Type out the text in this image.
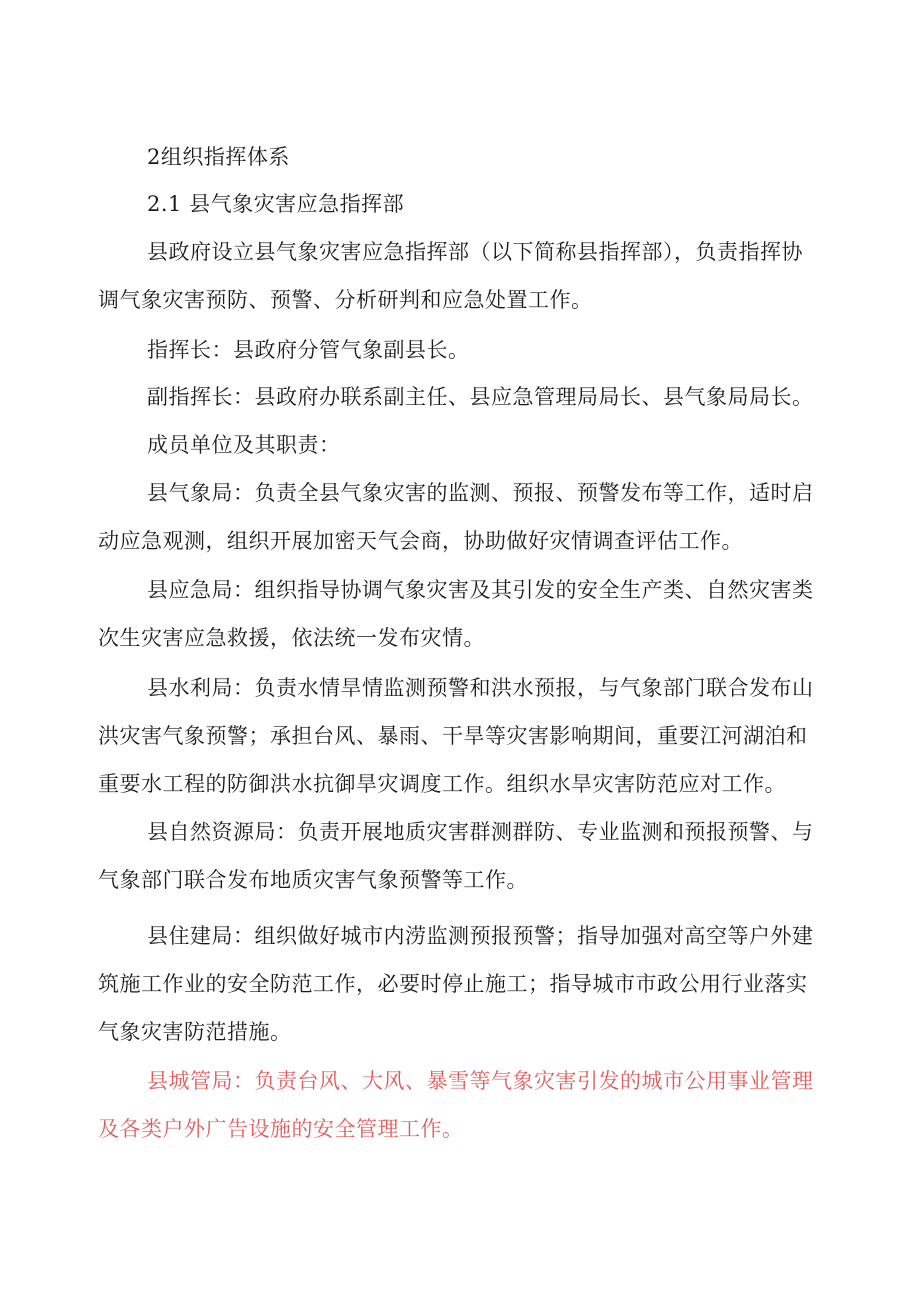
2组织指挥体系
2.1 县气象灾害应急指挥部
县政府设立县气象灾害应急指挥部（以下简称县指挥部），负责指挥协
调气象灾害预防、预警、分析研判和应急处置工作。
指挥长：县政府分管气象副县长。
副指挥长：县政府办联系副主任、县应急管理局局长、县气象局局长。
成员单位及其职责：
县气象局：负责全县气象灾害的监测、预报、预警发布等工作，适时启
动应急观测，组织开展加密天气会商，协助做好灾情调查评估工作。
县应急局：组织指导协调气象灾害及其引发的安全生产类、自然灾害类
次生灾害应急救援，依法统一发布灾情。
县水利局：负责水情旱情监测预警和洪水预报，与气象部门联合发布山
洪灾害气象预警；承担台风、暴雨、干旱等灾害影响期间，重要江河湖泊和
重要水工程的防御洪水抗御旱灾调度工作。组织水旱灾害防范应对工作。
县自然资源局：负责开展地质灾害群测群防、专业监测和预报预警、与
气象部门联合发布地质灾害气象预警等工作。
县住建局：组织做好城市内涝监测预报预警；指导加强对高空等户外建
筑施工作业的安全防范工作，必要时停止施工；指导城市市政公用行业落实
气象灾害防范措施。
县城管局：负责台风、大风、暴雪等气象灾害引发的城市公用事业管理
及各类户外广告设施的安全管理工作。
